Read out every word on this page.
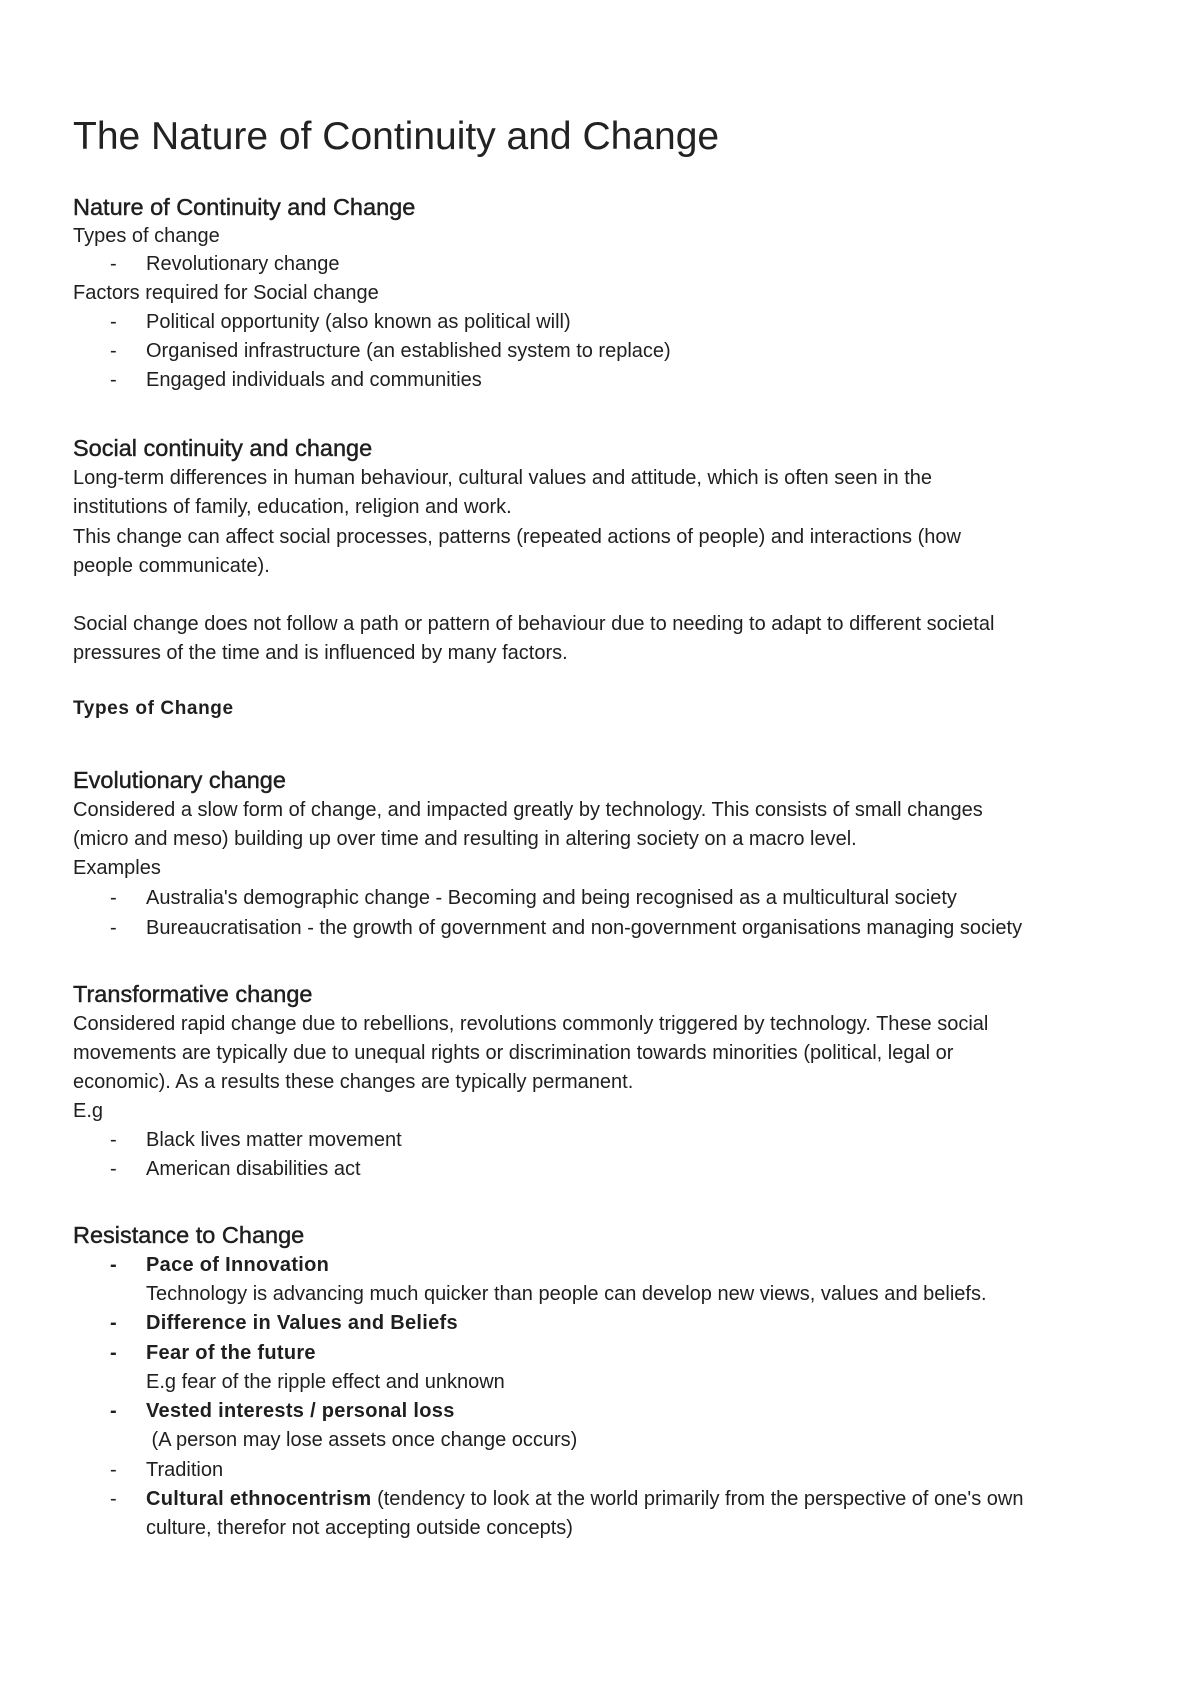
The Nature of Continuity and Change
Nature of Continuity and Change

Types of change

- Revolutionary change

Factors required for Social change

- Political opportunity (also known as political will)
- Organised infrastructure (an established system to replace)
- Engaged individuals and communities
Social continuity and change

Long-term differences in human behaviour, cultural values and attitude, which is often seen in the

institutions of family, education, religion and work.

This change can affect social processes, patterns (repeated actions of people) and interactions (how

people communicate).

Social change does not follow a path or pattern of behaviour due to needing to adapt to different societal

pressures of the time and is influenced by many factors.

Types of Change
Evolutionary change

Considered a slow form of change, and impacted greatly by technology. This consists of small changes

(micro and meso) building up over time and resulting in altering society on a macro level.

Examples

- Australia's demographic change - Becoming and being recognised as a multicultural society
- Bureaucratisation - the growth of government and non-government organisations managing society
Transformative change

Considered rapid change due to rebellions, revolutions commonly triggered by technology. These social

movements are typically due to unequal rights or discrimination towards minorities (political, legal or

economic). As a results these changes are typically permanent.

E.g

- Black lives matter movement
- American disabilities act
Resistance to Change
- Pace of Innovation
Technology is advancing much quicker than people can develop new views, values and beliefs.
- Difference in Values and Beliefs
- Fear of the future
E.g fear of the ripple effect and unknown
- Vested interests / personal loss
(A person may lose assets once change occurs)
- Tradition
- Cultural ethnocentrism (tendency to look at the world primarily from the perspective of one's own
culture, therefor not accepting outside concepts)
